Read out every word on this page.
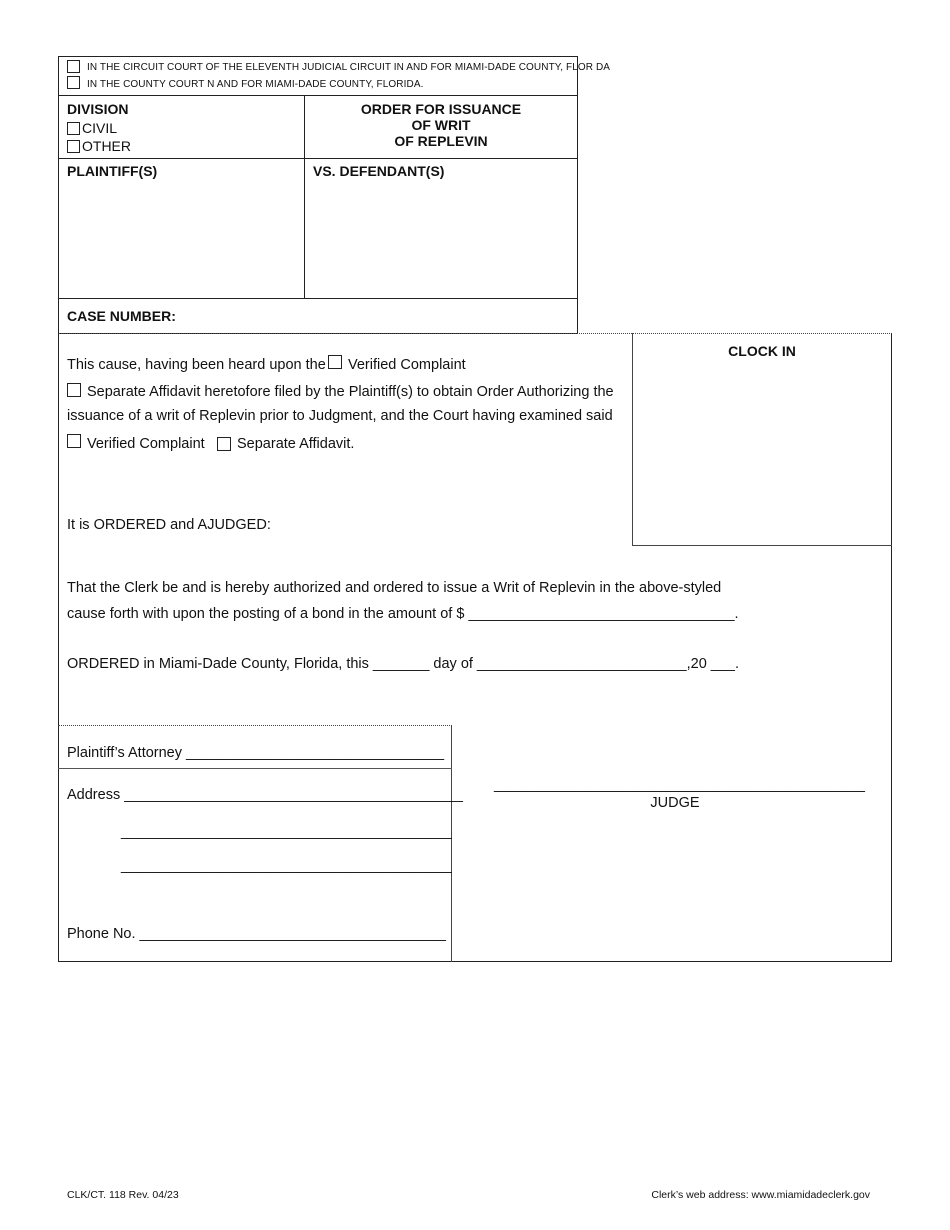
IN THE CIRCUIT COURT OF THE ELEVENTH JUDICIAL CIRCUIT IN AND FOR MIAMI-DADE COUNTY, FLOR DA
IN THE COUNTY COURT N AND FOR MIAMI-DADE COUNTY, FLORIDA.
DIVISION
CIVIL
OTHER
ORDER FOR ISSUANCE
OF WRIT
OF REPLEVIN
PLAINTIFF(S)	VS. DEFENDANT(S)
CASE NUMBER:
CLOCK IN
This cause, having been heard upon the Verified Complaint
Separate Affidavit heretofore filed by the Plaintiff(s) to obtain Order Authorizing the
issuance of a writ of Replevin prior to Judgment, and the Court having examined said
Verified Complaint Separate Affidavit.
It is ORDERED and AJUDGED:
That the Clerk be and is hereby authorized and ordered to issue a Writ of Replevin in the above-styled
cause forth with upon the posting of a bond in the amount of $ _________________________________.
ORDERED in Miami-Dade County, Florida, this _______ day of __________________________,20 ___.
Plaintiff’s Attorney ________________________________
Address __________________________________________
_________________________________________
_________________________________________
Phone No. ______________________________________
______________________________________________
JUDGE
CLK/CT. 118 Rev. 04/23	Clerk’s web address: www.miamidadeclerk.gov
